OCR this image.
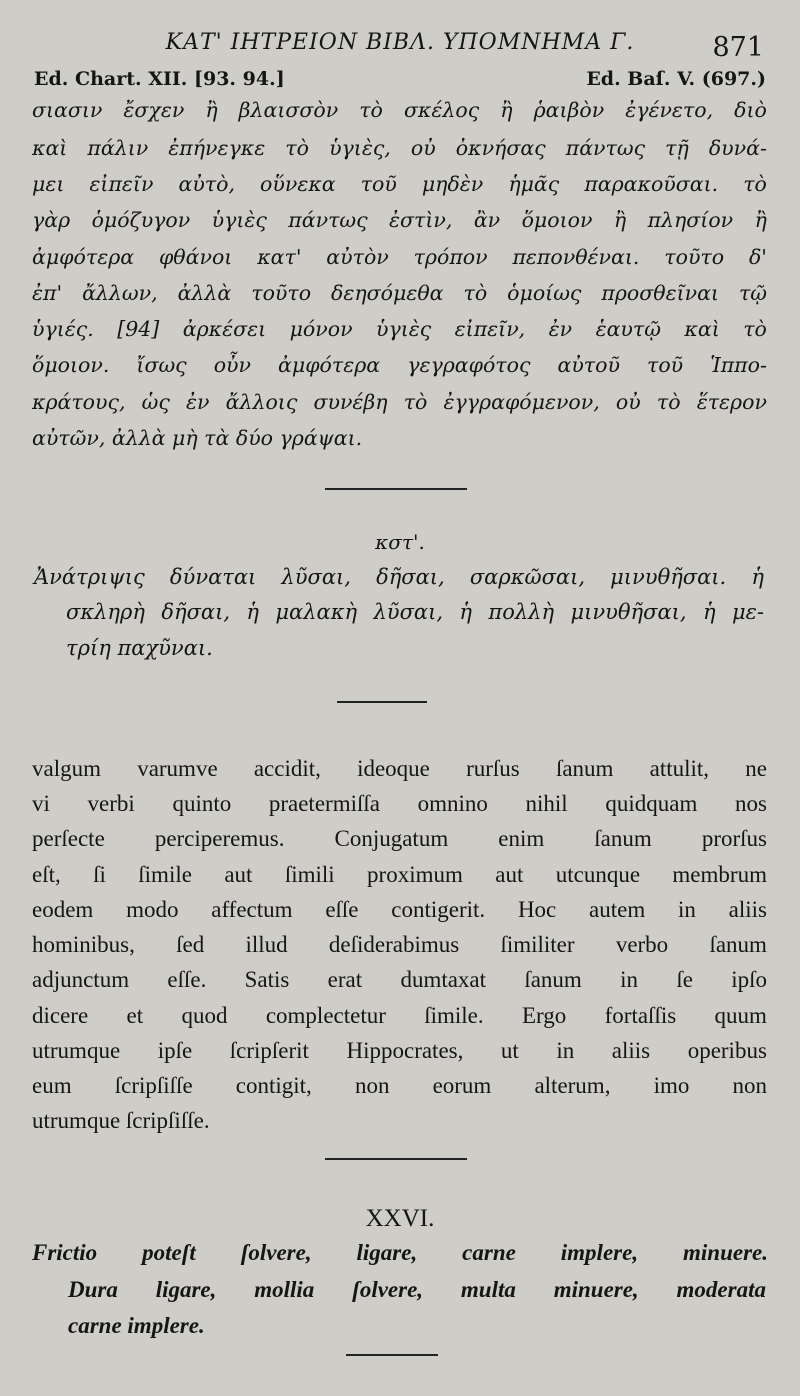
ΚΑΤ' ΙΗΤΡΕΙΟΝ ΒΙΒΛ. ΥΠΟΜΝΗΜΑ Γ.	871
Ed. Chart. XII. [93. 94.]	Ed. Baſ. V. (697.)
σιασιν ἔσχεν ἢ βλαισσὸν τὸ σκέλος ἢ ῥαιβὸν ἐγένετο, διὸ
καὶ πάλιν ἐπήνεγκε τὸ ὑγιὲς, οὐ ὀκνήσας πάντως τῇ δυνά-
μει εἰπεῖν αὐτὸ, οὕνεκα τοῦ μηδὲν ἡμᾶς παρακοῦσαι. τὸ
γὰρ ὁμόζυγον ὑγιὲς πάντως ἐστὶν, ἂν ὅμοιον ἢ πλησίον ἢ
ἀμφότερα φθάνοι κατ' αὐτὸν τρόπον πεπονθέναι. τοῦτο δ'
ἐπ' ἄλλων, ἀλλὰ τοῦτο δεησόμεθα τὸ ὁμοίως προσθεῖναι τῷ
ὑγιές. [94] ἀρκέσει μόνον ὑγιὲς εἰπεῖν, ἐν ἑαυτῷ καὶ τὸ
ὅμοιον. ἴσως οὖν ἀμφότερα γεγραφότος αὐτοῦ τοῦ Ἱππο-
κράτους, ὡς ἐν ἄλλοις συνέβη τὸ ἐγγραφόμενον, οὐ τὸ ἕτερον
αὐτῶν, ἀλλὰ μὴ τὰ δύο γράψαι.
κστ'.
Ἀνάτριψις δύναται λῦσαι, δῆσαι, σαρκῶσαι, μινυθῆσαι. ἡ
σκληρὴ δῆσαι, ἡ μαλακὴ λῦσαι, ἡ πολλὴ μινυθῆσαι, ἡ με-
τρίη παχῦναι.
valgum varumve accidit, ideoque rurſus ſanum attulit, ne
vi verbi quinto praetermiſſa omnino nihil quidquam nos
perſecte perciperemus. Conjugatum enim ſanum prorſus
eſt, ſi ſimile aut ſimili proximum aut utcunque membrum
eodem modo affectum eſſe contigerit. Hoc autem in aliis
hominibus, ſed illud deſiderabimus ſimiliter verbo ſanum
adjunctum eſſe. Satis erat dumtaxat ſanum in ſe ipſo
dicere et quod complectetur ſimile. Ergo fortaſſis quum
utrumque ipſe ſcripſerit Hippocrates, ut in aliis operibus
eum ſcripſiſſe contigit, non eorum alterum, imo non
utrumque ſcripſiſſe.
XXVI.
Frictio poteſt ſolvere, ligare, carne implere, minuere.
Dura ligare, mollia ſolvere, multa minuere, moderata
carne implere.
